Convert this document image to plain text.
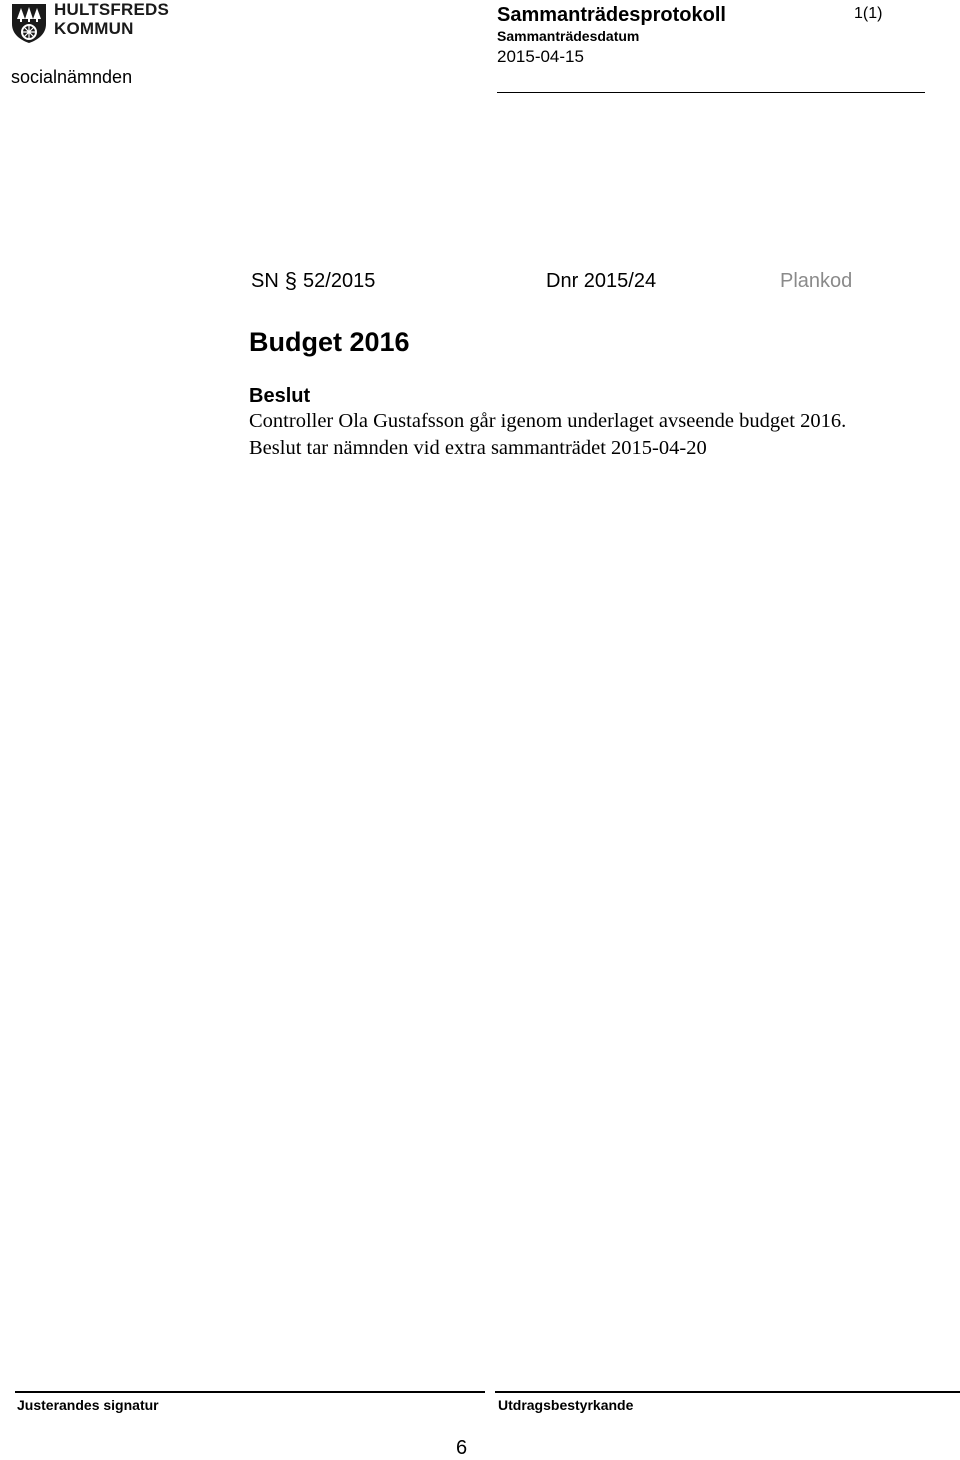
HULTSFREDS
KOMMUN
socialnämnden
Sammanträdesprotokoll
Sammanträdesdatum
2015-04-15
1(1)
SN § 52/2015	Dnr 2015/24	Plankod
Budget 2016
Beslut

Controller Ola Gustafsson går igenom underlaget avseende budget 2016.

Beslut tar nämnden vid extra sammanträdet 2015-04-20

Justerandes signatur	Utdragsbestyrkande
6
